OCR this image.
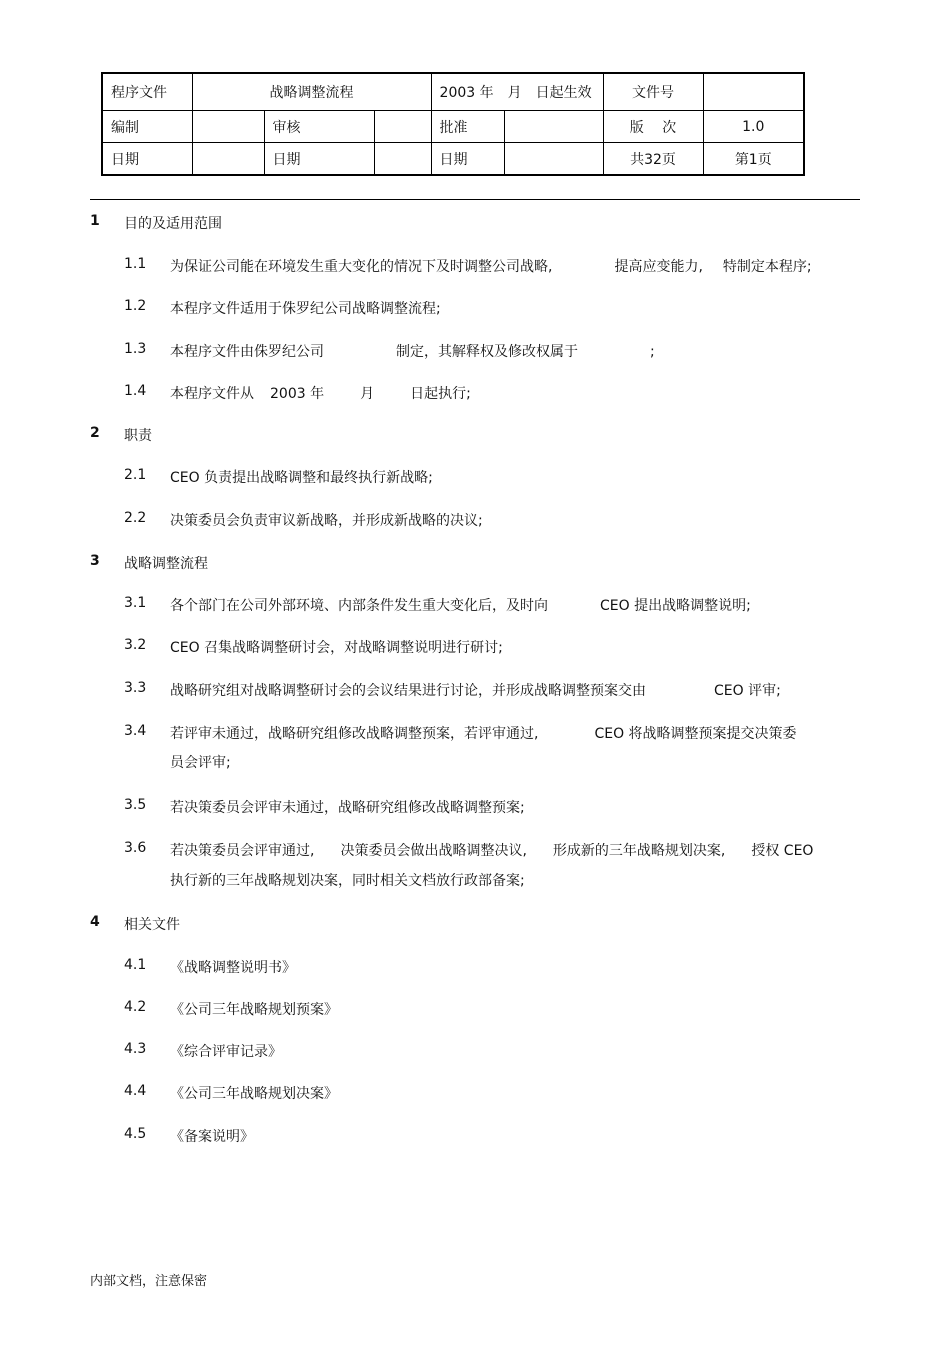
程序文件	战略调整流程			2003 年　月　日起生效		文件号	
编制		审核		批准		版　 次	1.0
日期		日期		日期		共32页	第1页
1 目的及适用范围
1.1 为保证公司能在环境发生重大变化的情况下及时调整公司战略,	提高应变能力, 特制定本程序;
1.2 本程序文件适用于侏罗纪公司战略调整流程;
1.3 本程序文件由侏罗纪公司	制定，其解释权及修改权属于	;
1.4 本程序文件从 2003 年	月	日起执行;
2 职责
2.1 CEO 负责提出战略调整和最终执行新战略;
2.2 决策委员会负责审议新战略，并形成新战略的决议;
3 战略调整流程
3.1 各个部门在公司外部环境、内部条件发生重大变化后，及时向	CEO 提出战略调整说明;
3.2 CEO 召集战略调整研讨会，对战略调整说明进行研讨;
3.3 战略研究组对战略调整研讨会的会议结果进行讨论，并形成战略调整预案交由	CEO 评审;
3.4 若评审未通过，战略研究组修改战略调整预案，若评审通过,	CEO 将战略调整预案提交决策委
员会评审;
3.5 若决策委员会评审未通过，战略研究组修改战略调整预案;
3.6 若决策委员会评审通过, 决策委员会做出战略调整决议, 形成新的三年战略规划决案, 授权 CEO
执行新的三年战略规划决案，同时相关文档放行政部备案;
4 相关文件
4.1 《战略调整说明书》
4.2 《公司三年战略规划预案》
4.3 《综合评审记录》
4.4 《公司三年战略规划决案》
4.5 《备案说明》
内部文档，注意保密
